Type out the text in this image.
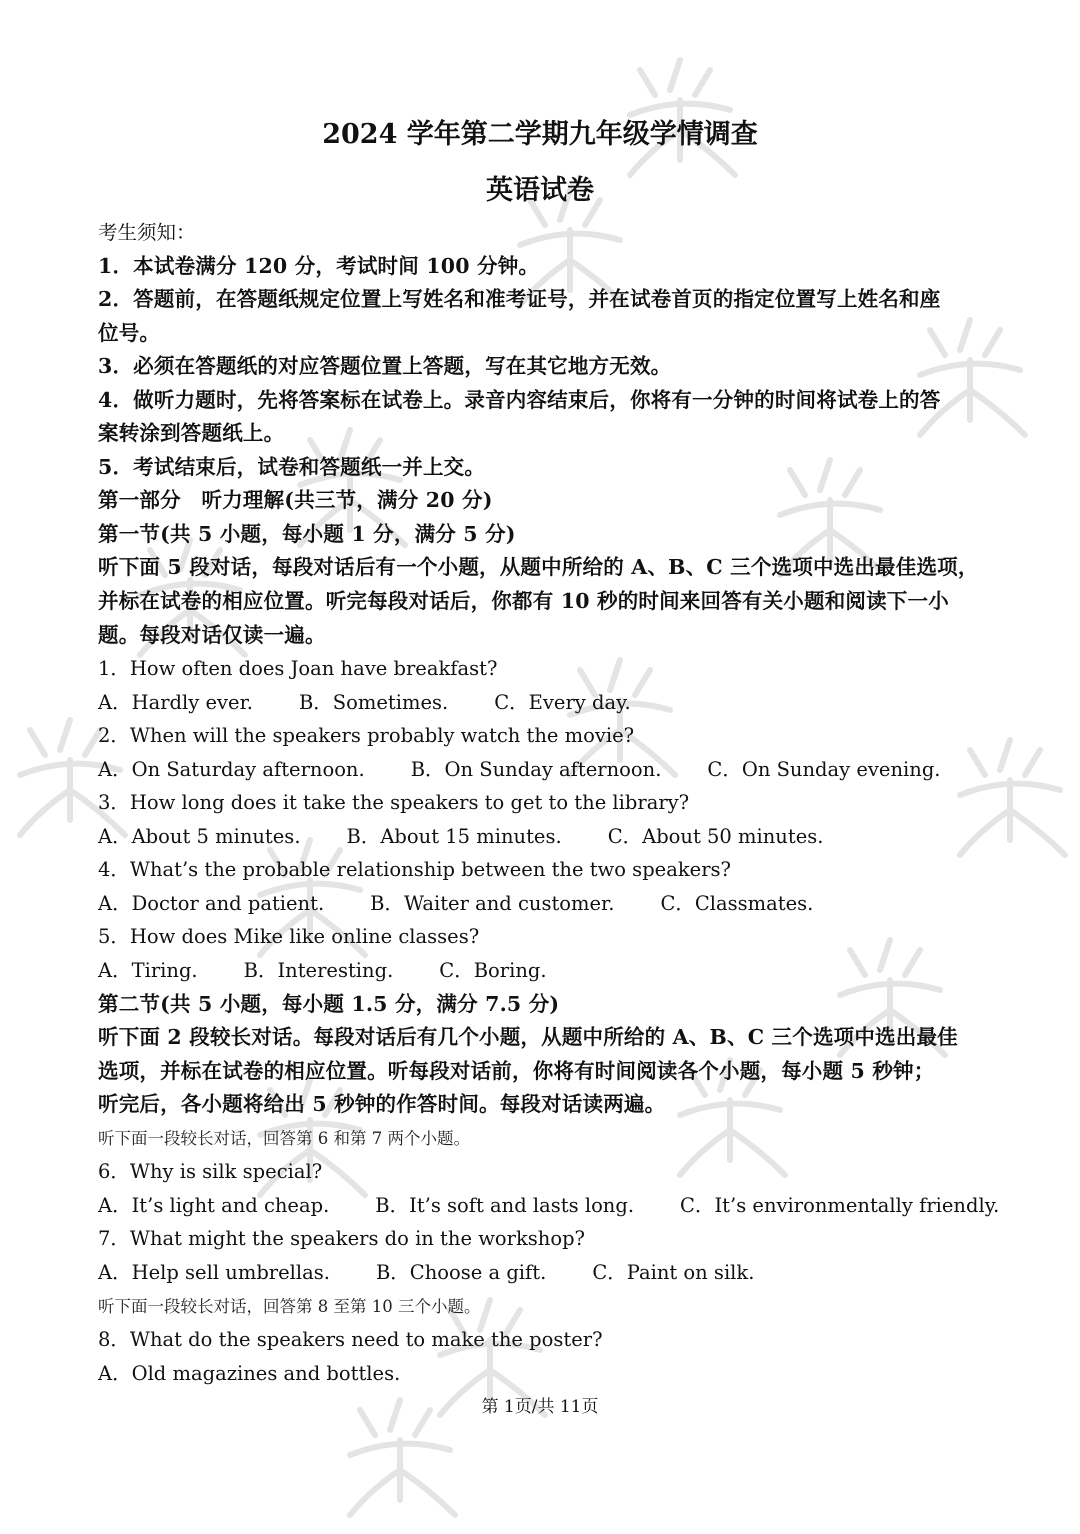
2024 学年第二学期九年级学情调查
英语试卷
考生须知：
1．本试卷满分 120 分，考试时间 100 分钟。
2．答题前，在答题纸规定位置上写姓名和准考证号，并在试卷首页的指定位置写上姓名和座
位号。
3．必须在答题纸的对应答题位置上答题，写在其它地方无效。
4．做听力题时，先将答案标在试卷上。录音内容结束后，你将有一分钟的时间将试卷上的答
案转涂到答题纸上。
5．考试结束后，试卷和答题纸一并上交。
第一部分　听力理解(共三节，满分 20 分)
第一节(共 5 小题，每小题 1 分，满分 5 分)
听下面 5 段对话，每段对话后有一个小题，从题中所给的 A、B、C 三个选项中选出最佳选项，
并标在试卷的相应位置。听完每段对话后，你都有 10 秒的时间来回答有关小题和阅读下一小
题。每段对话仅读一遍。
1．How often does Joan have breakfast?
A．Hardly ever. B．Sometimes. C．Every day.
2．When will the speakers probably watch the movie?
A．On Saturday afternoon. B．On Sunday afternoon. C．On Sunday evening.
3．How long does it take the speakers to get to the library?
A．About 5 minutes. B．About 15 minutes. C．About 50 minutes.
4．What’s the probable relationship between the two speakers?
A．Doctor and patient. B．Waiter and customer. C．Classmates.
5．How does Mike like online classes?
A．Tiring. B．Interesting. C．Boring.
第二节(共 5 小题，每小题 1.5 分，满分 7.5 分)
听下面 2 段较长对话。每段对话后有几个小题，从题中所给的 A、B、C 三个选项中选出最佳
选项，并标在试卷的相应位置。听每段对话前，你将有时间阅读各个小题，每小题 5 秒钟；
听完后，各小题将给出 5 秒钟的作答时间。每段对话读两遍。
听下面一段较长对话，回答第 6 和第 7 两个小题。
6．Why is silk special?
A．It’s light and cheap. B．It’s soft and lasts long. C．It’s environmentally friendly.
7．What might the speakers do in the workshop?
A．Help sell umbrellas. B．Choose a gift. C．Paint on silk.
听下面一段较长对话，回答第 8 至第 10 三个小题。
8．What do the speakers need to make the poster?
A．Old magazines and bottles.
第 1页/共 11页
